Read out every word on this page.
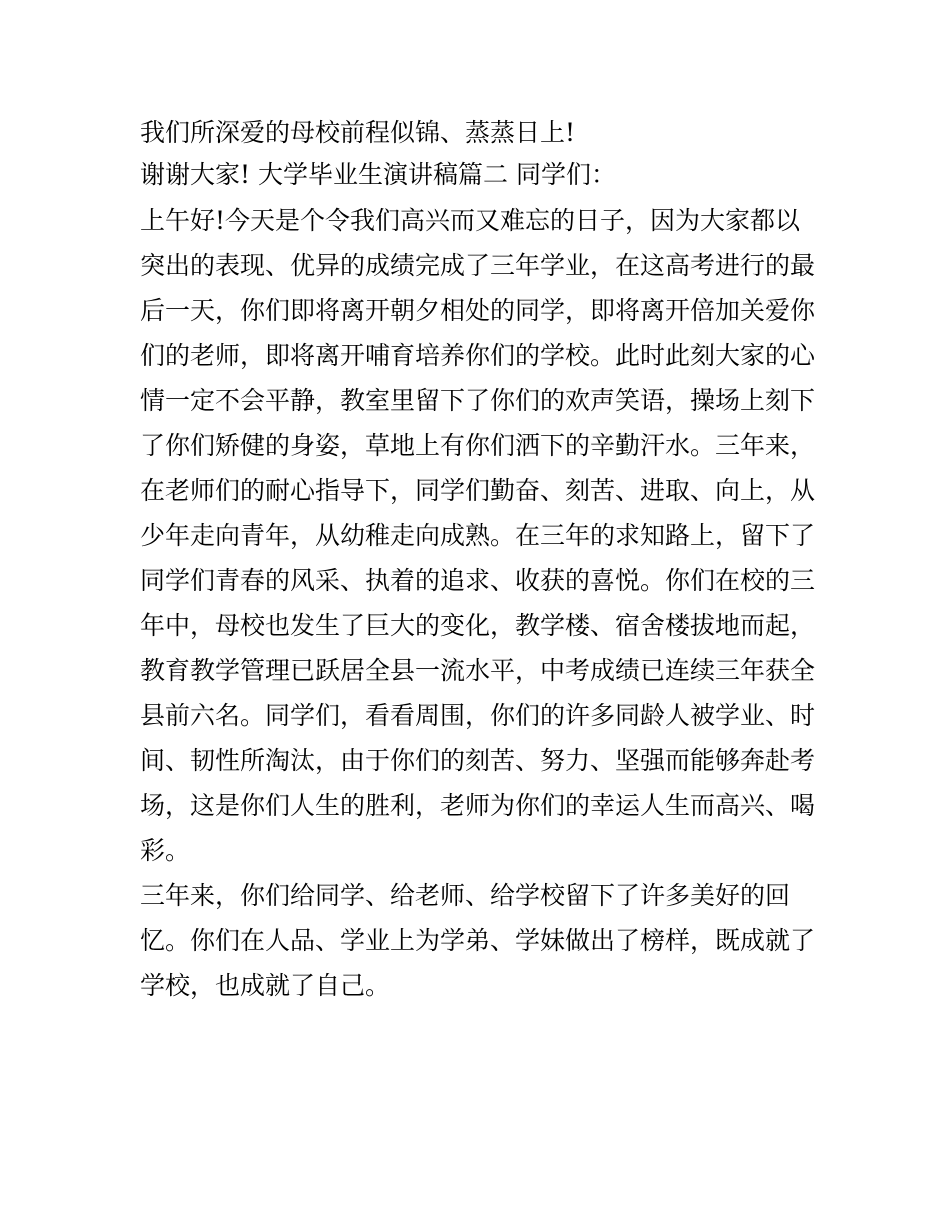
我们所深爱的母校前程似锦、蒸蒸日上!
谢谢大家! 大学毕业生演讲稿篇二 同学们：
上午好!今天是个令我们高兴而又难忘的日子，因为大家都以
突出的表现、优异的成绩完成了三年学业，在这高考进行的最
后一天，你们即将离开朝夕相处的同学，即将离开倍加关爱你
们的老师，即将离开哺育培养你们的学校。此时此刻大家的心
情一定不会平静，教室里留下了你们的欢声笑语，操场上刻下
了你们矫健的身姿，草地上有你们洒下的辛勤汗水。三年来，
在老师们的耐心指导下，同学们勤奋、刻苦、进取、向上，从
少年走向青年，从幼稚走向成熟。在三年的求知路上，留下了
同学们青春的风采、执着的追求、收获的喜悦。你们在校的三
年中，母校也发生了巨大的变化，教学楼、宿舍楼拔地而起，
教育教学管理已跃居全县一流水平，中考成绩已连续三年获全
县前六名。同学们，看看周围，你们的许多同龄人被学业、时
间、韧性所淘汰，由于你们的刻苦、努力、坚强而能够奔赴考
场，这是你们人生的胜利，老师为你们的幸运人生而高兴、喝
彩。
三年来，你们给同学、给老师、给学校留下了许多美好的回
忆。你们在人品、学业上为学弟、学妹做出了榜样，既成就了
学校，也成就了自己。
